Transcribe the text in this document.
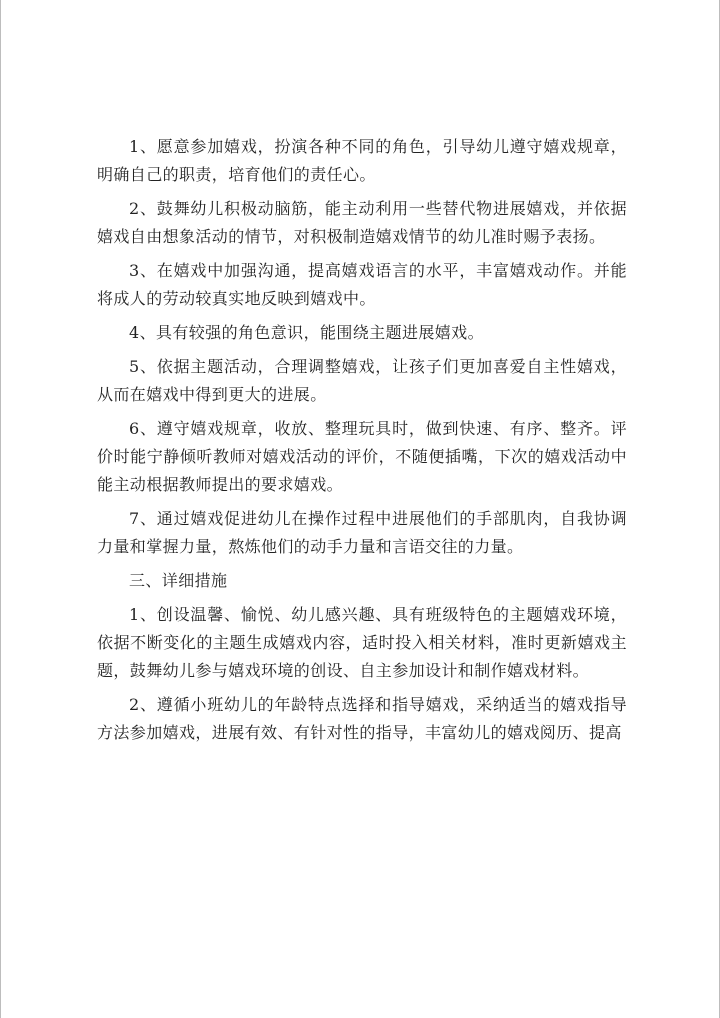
1、愿意参加嬉戏，扮演各种不同的角色，引导幼儿遵守嬉戏规章，明确自己的职责，培育他们的责任心。

2、鼓舞幼儿积极动脑筋，能主动利用一些替代物进展嬉戏，并依据嬉戏自由想象活动的情节，对积极制造嬉戏情节的幼儿准时赐予表扬。

3、在嬉戏中加强沟通，提高嬉戏语言的水平，丰富嬉戏动作。并能将成人的劳动较真实地反映到嬉戏中。

4、具有较强的角色意识，能围绕主题进展嬉戏。

5、依据主题活动，合理调整嬉戏，让孩子们更加喜爱自主性嬉戏，从而在嬉戏中得到更大的进展。

6、遵守嬉戏规章，收放、整理玩具时，做到快速、有序、整齐。评价时能宁静倾听教师对嬉戏活动的评价，不随便插嘴，下次的嬉戏活动中能主动根据教师提出的要求嬉戏。

7、通过嬉戏促进幼儿在操作过程中进展他们的手部肌肉，自我协调力量和掌握力量，熬炼他们的动手力量和言语交往的力量。

三、详细措施

1、创设温馨、愉悦、幼儿感兴趣、具有班级特色的主题嬉戏环境，依据不断变化的主题生成嬉戏内容，适时投入相关材料，准时更新嬉戏主题，鼓舞幼儿参与嬉戏环境的创设、自主参加设计和制作嬉戏材料。

2、遵循小班幼儿的年龄特点选择和指导嬉戏，采纳适当的嬉戏指导方法参加嬉戏，进展有效、有针对性的指导，丰富幼儿的嬉戏阅历、提高
